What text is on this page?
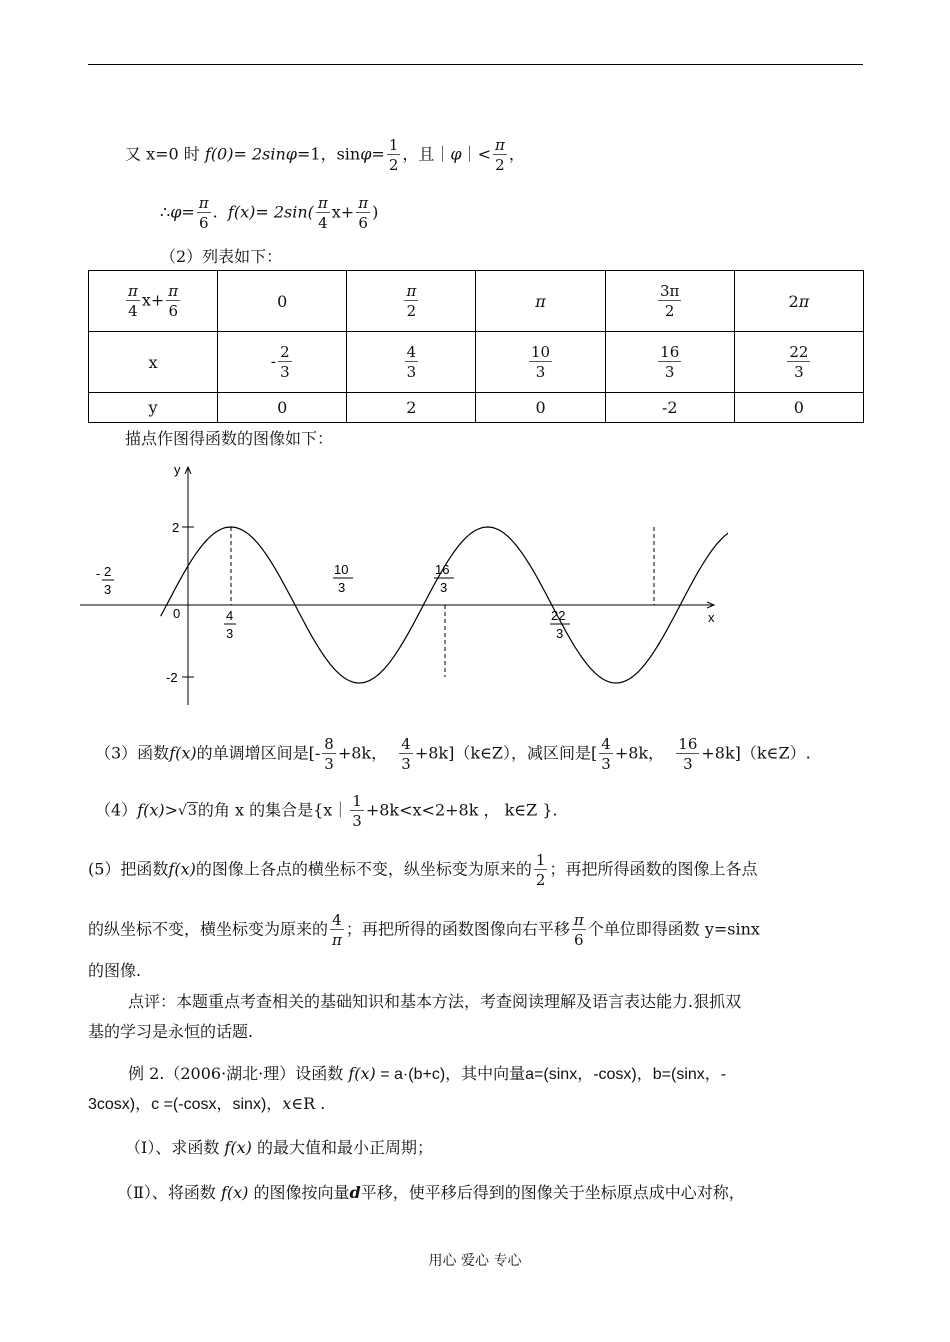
又 x=0 时 f(0)= 2sinφ=1，$\sin\varphi= \frac{1}{2}$ ，且｜φ｜< $\frac{\pi}{2}$ ，
∴φ= $\frac{\pi}{6}$ . $f(x)= 2\sin( \frac{\pi}{4} x+ \frac{\pi}{6}$ )
（2）列表如下：
$\frac{\pi}{4} x+ \frac{\pi}{6}$	0	$\frac{\pi}{2}$	π	$\frac{3\pi}{2}$	2π
x	- $\frac{2}{3}$	$\frac{4}{3}$	$\frac{10}{3}$	$\frac{16}{3}$	$\frac{22}{3}$

y	0	2	0	-2	0
描点作图得函数的图像如下：
y
x
0
2
-2
- 2
3
4
3
10
3
16
3
22
3
（3）函数f(x)的单调增区间是[- $\frac{8}{3} +8k$， $\frac{4}{3}$ +8k]（k∈Z），减区间是[ $\frac{4}{3} +8k$， $\frac{16}{3}$ +8k]（k∈Z）.
（4）f(x)>√3的角 x 的集合是{x｜ $\frac{1}{3} +8k<x<2+8k$ ， k∈Z }.
(5）把函数f(x)的图像上各点的横坐标不变，纵坐标变为原来的 $\frac{1}{2}$ ；再把所得函数的图像上各点
的纵坐标不变，横坐标变为原来的 $\frac{4}{\pi}$ ；再把所得的函数图像向右平移 $\frac{\pi}{6}$ 个单位即得函数 y=sinx
的图像.
点评：本题重点考查相关的基础知识和基本方法，考查阅读理解及语言表达能力.狠抓双
基的学习是永恒的话题.
例 2.（2006·湖北·理）设函数 f(x) = a·(b+c)，其中向量a=(sinx，-cosx)，b=(sinx，-
3cosx)，c =(-cosx，sinx)，x∈R .
（Ⅰ）、求函数 f(x) 的最大值和最小正周期；
（Ⅱ）、将函数 f(x) 的图像按向量d平移，使平移后得到的图像关于坐标原点成中心对称，
用心 爱心 专心
